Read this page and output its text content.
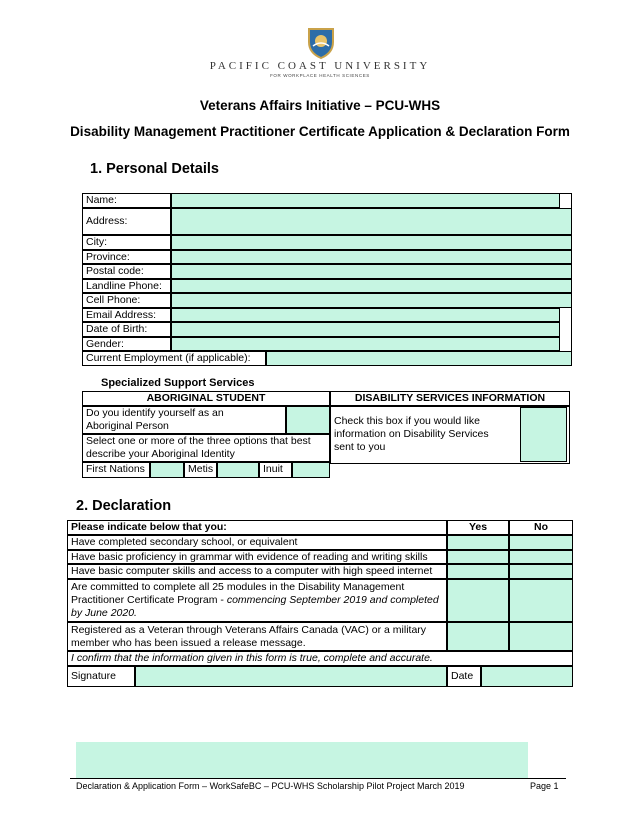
PACIFIC COAST UNIVERSITY
FOR WORKPLACE HEALTH SCIENCES
Veterans Affairs Initiative – PCU-WHS
Disability Management Practitioner Certificate Application & Declaration Form
1. Personal Details
Name:
Address:
City:
Province:
Postal code:
Landline Phone:
Cell Phone:
Email Address:
Date of Birth:
Gender:
Current Employment (if applicable):
Specialized Support Services
ABORIGINAL STUDENT	DISABILITY SERVICES INFORMATION
Do you identify yourself as an
Aboriginal Person
Select one or more of the three options that best
describe your Aboriginal Identity
First Nations	Metis	Inuit
Check this box if you would like
information on Disability Services
sent to you
2. Declaration
Please indicate below that you:	Yes	No
Have completed secondary school, or equivalent
Have basic proficiency in grammar with evidence of reading and writing skills
Have basic computer skills and access to a computer with high speed internet
Are committed to complete all 25 modules in the Disability Management
Practitioner Certificate Program - commencing September 2019 and completed
by June 2020.
Registered as a Veteran through Veterans Affairs Canada (VAC) or a military
member who has been issued a release message.
I confirm that the information given in this form is true, complete and accurate.
Signature	Date
Declaration & Application Form – WorkSafeBC – PCU-WHS Scholarship Pilot Project March 2019	Page 1
